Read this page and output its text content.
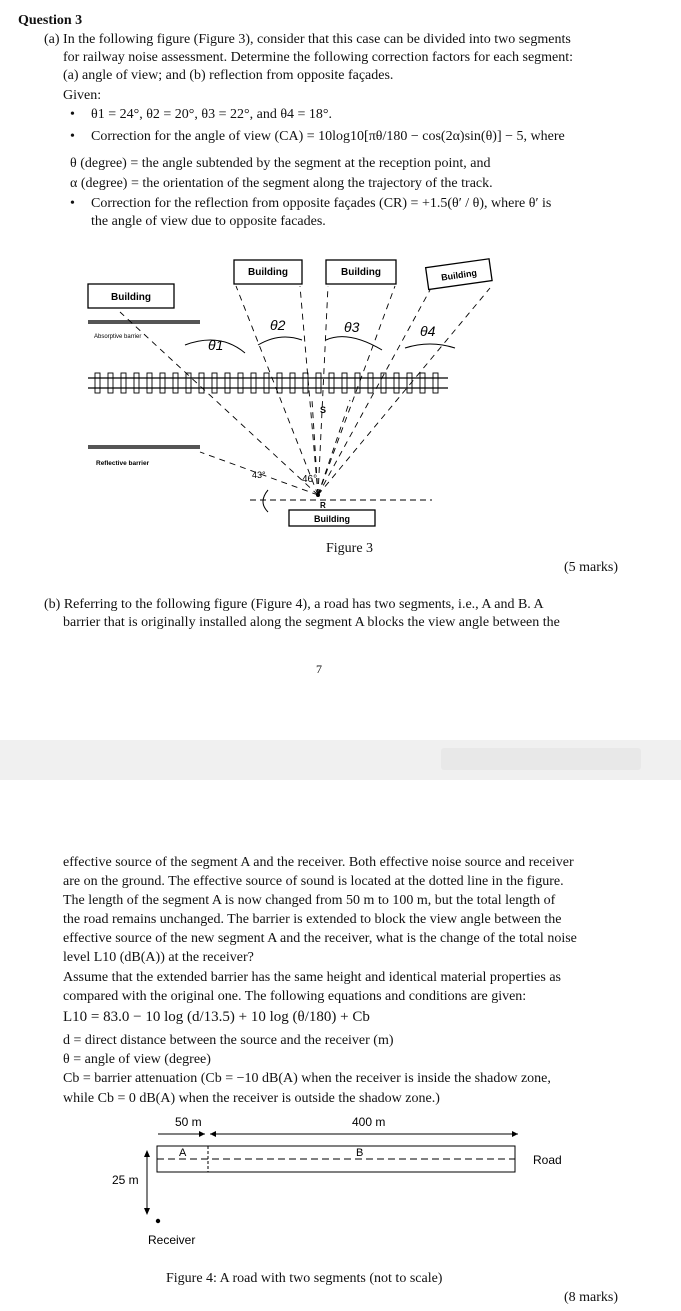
Question 3
(a) In the following figure (Figure 3), consider that this case can be divided into two segments
for railway noise assessment. Determine the following correction factors for each segment:
(a) angle of view; and (b) reflection from opposite façades.
Given:
• θ1 = 24°, θ2 = 20°, θ3 = 22°, and θ4 = 18°.
• Correction for the angle of view (CA) = 10log10[πθ/180 − cos(2α)sin(θ)] − 5, where
θ (degree) = the angle subtended by the segment at the reception point, and
α (degree) = the orientation of the segment along the trajectory of the track.
• Correction for the reflection from opposite façades (CR) = +1.5(θ′ / θ), where θ′ is
the angle of view due to opposite facades.
Building
Building	Building	Building
Absorptive barrier
Reflective barrier
θ1
θ2	θ3	θ4
43°	46°
S
R
Building
Figure 3
(5 marks)
(b) Referring to the following figure (Figure 4), a road has two segments, i.e., A and B. A
barrier that is originally installed along the segment A blocks the view angle between the
7
effective source of the segment A and the receiver. Both effective noise source and receiver
are on the ground. The effective source of sound is located at the dotted line in the figure.
The length of the segment A is now changed from 50 m to 100 m, but the total length of
the road remains unchanged. The barrier is extended to block the view angle between the
effective source of the new segment A and the receiver, what is the change of the total noise
level L10 (dB(A)) at the receiver?
Assume that the extended barrier has the same height and identical material properties as
compared with the original one. The following equations and conditions are given:
L10 = 83.0 − 10 log (d/13.5) + 10 log (θ/180) + Cb
d = direct distance between the source and the receiver (m)
θ = angle of view (degree)
Cb = barrier attenuation (Cb = −10 dB(A) when the receiver is inside the shadow zone,
while Cb = 0 dB(A) when the receiver is outside the shadow zone.)
50 m	400 m
A	B	Road
25 m
Receiver
Figure 4: A road with two segments (not to scale)
(8 marks)
